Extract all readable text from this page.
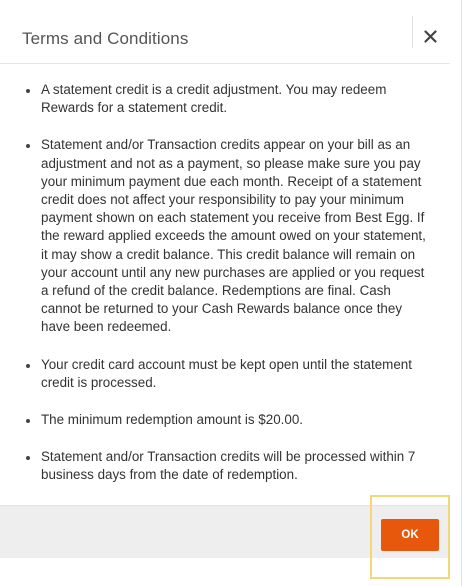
Terms and Conditions
A statement credit is a credit adjustment. You may redeem Rewards for a statement credit.
Statement and/or Transaction credits appear on your bill as an adjustment and not as a payment, so please make sure you pay your minimum payment due each month. Receipt of a statement credit does not affect your responsibility to pay your minimum payment shown on each statement you receive from Best Egg. If the reward applied exceeds the amount owed on your statement, it may show a credit balance. This credit balance will remain on your account until any new purchases are applied or you request a refund of the credit balance. Redemptions are final. Cash cannot be returned to your Cash Rewards balance once they have been redeemed.
Your credit card account must be kept open until the statement credit is processed.
The minimum redemption amount is $20.00.
Statement and/or Transaction credits will be processed within 7 business days from the date of redemption.
OK
